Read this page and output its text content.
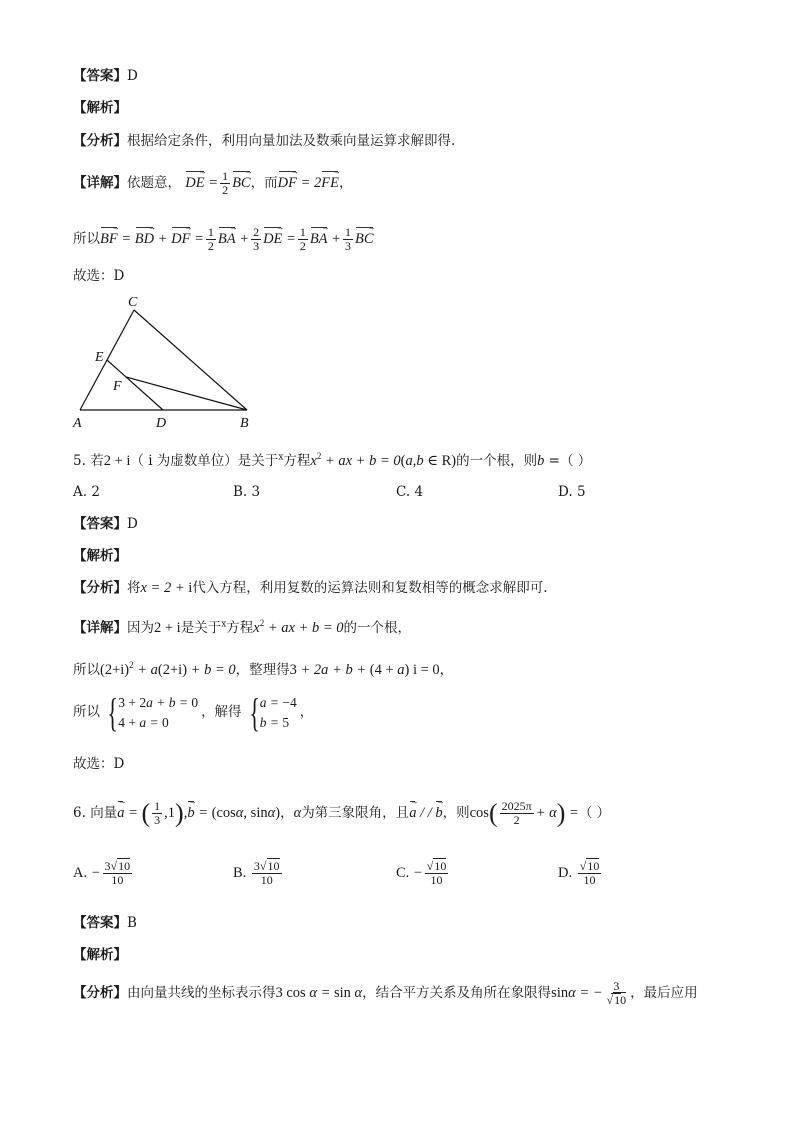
【答案】D
【解析】
【分析】根据给定条件，利用向量加法及数乘向量运算求解即得.
【详解】依题意， DE → = $\frac{1}{2}$ BC →，而DF → = 2FE →，
所以BF → = BD → + DF → = $\frac{1}{2}$ BA → + $\frac{2}{3}$ DE → = $\frac{1}{2}$ BA → + $\frac{1}{3}$ BC →
故选：D
C
E
F
A	D	B
5. 若2 + i（ i 为虚数单位）是关于$^x$方程$x^2$ + ax + b = 0(a,b ∈ R)的一个根，则b =（ ）
A. 2	B. 3	C. 4	D. 5
【答案】D
【解析】
【分析】将x = 2 + i代入方程，利用复数的运算法则和复数相等的概念求解即可.
【详解】因为2 + i是关于$^x$方程$x^2$ + ax + b = 0的一个根，
所以$(2+i)^2 + a(2+i) + b = 0$，整理得3 + 2a + b + (4 + a) i = 0，
所以 { 3 + 2a + b = 0
4 + a = 0
，解得 { a = −4
b = 5
，
故选：D
6. 向量a → = ( $\frac{1}{3} ,1),b$ → = (cosα, sinα)，α为第三象限角，且a → / / b →，则$\cos( \frac{2025\pi}{2} + \alpha)$ =（ ）
A. − $\frac{3√10}{10}$	B. $\frac{3√10}{10}$	C. − $\frac{√10}{10}$	D. $\frac{√10}{10}$
【答案】B
【解析】
【分析】由向量共线的坐标表示得3 cos α = sin α，结合平方关系及角所在象限得sinα = − $\frac{3}{√10}$ ，最后应用
